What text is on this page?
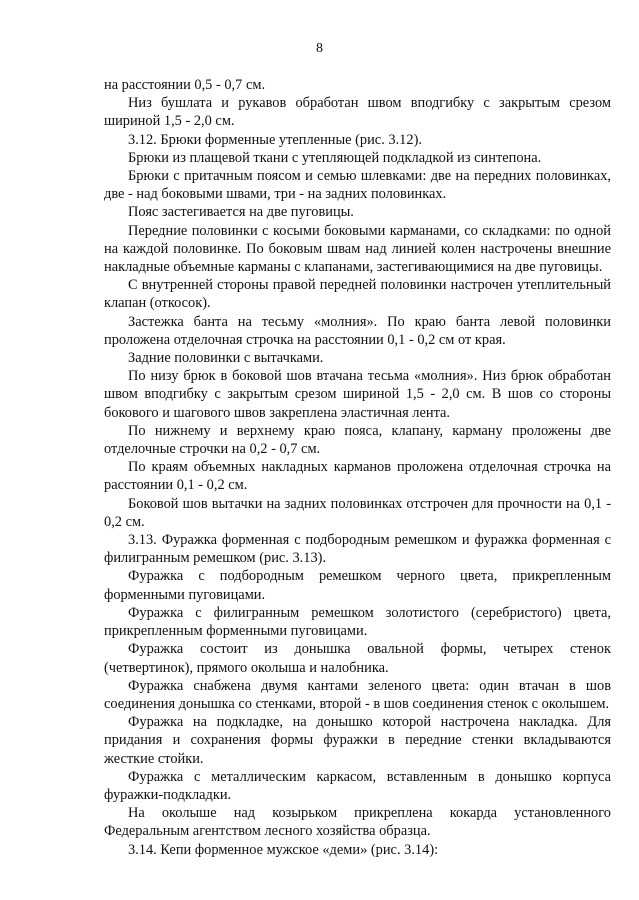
8

на расстоянии 0,5 - 0,7 см.

Низ бушлата и рукавов обработан швом вподгибку с закрытым срезом шириной 1,5 - 2,0 см.

3.12. Брюки форменные утепленные (рис. 3.12).

Брюки из плащевой ткани с утепляющей подкладкой из синтепона.

Брюки с притачным поясом и семью шлевками: две на передних половинках, две - над боковыми швами, три - на задних половинках.

Пояс застегивается на две пуговицы.

Передние половинки с косыми боковыми карманами, со складками: по одной на каждой половинке. По боковым швам над линией колен настрочены внешние накладные объемные карманы с клапанами, застегивающимися на две пуговицы.

С внутренней стороны правой передней половинки настрочен утеплительный клапан (откосок).

Застежка банта на тесьму «молния». По краю банта левой половинки проложена отделочная строчка на расстоянии 0,1 - 0,2 см от края.

Задние половинки с вытачками.

По низу брюк в боковой шов втачана тесьма «молния». Низ брюк обработан швом вподгибку с закрытым срезом шириной 1,5 - 2,0 см. В шов со стороны бокового и шагового швов закреплена эластичная лента.

По нижнему и верхнему краю пояса, клапану, карману проложены две отделочные строчки на 0,2 - 0,7 см.

По краям объемных накладных карманов проложена отделочная строчка на расстоянии 0,1 - 0,2 см.

Боковой шов вытачки на задних половинках отстрочен для прочности на 0,1 - 0,2 см.

3.13. Фуражка форменная с подбородным ремешком и фуражка форменная с филигранным ремешком (рис. 3.13).

Фуражка с подбородным ремешком черного цвета, прикрепленным форменными пуговицами.

Фуражка с филигранным ремешком золотистого (серебристого) цвета, прикрепленным форменными пуговицами.

Фуражка состоит из донышка овальной формы, четырех стенок (четвертинок), прямого околыша и налобника.

Фуражка снабжена двумя кантами зеленого цвета: один втачан в шов соединения донышка со стенками, второй - в шов соединения стенок с околышем.

Фуражка на подкладке, на донышко которой настрочена накладка. Для придания и сохранения формы фуражки в передние стенки вкладываются жесткие стойки.

Фуражка с металлическим каркасом, вставленным в донышко корпуса фуражки-подкладки.

На околыше над козырьком прикреплена кокарда установленного Федеральным агентством лесного хозяйства образца.

3.14. Кепи форменное мужское «деми» (рис. 3.14):
